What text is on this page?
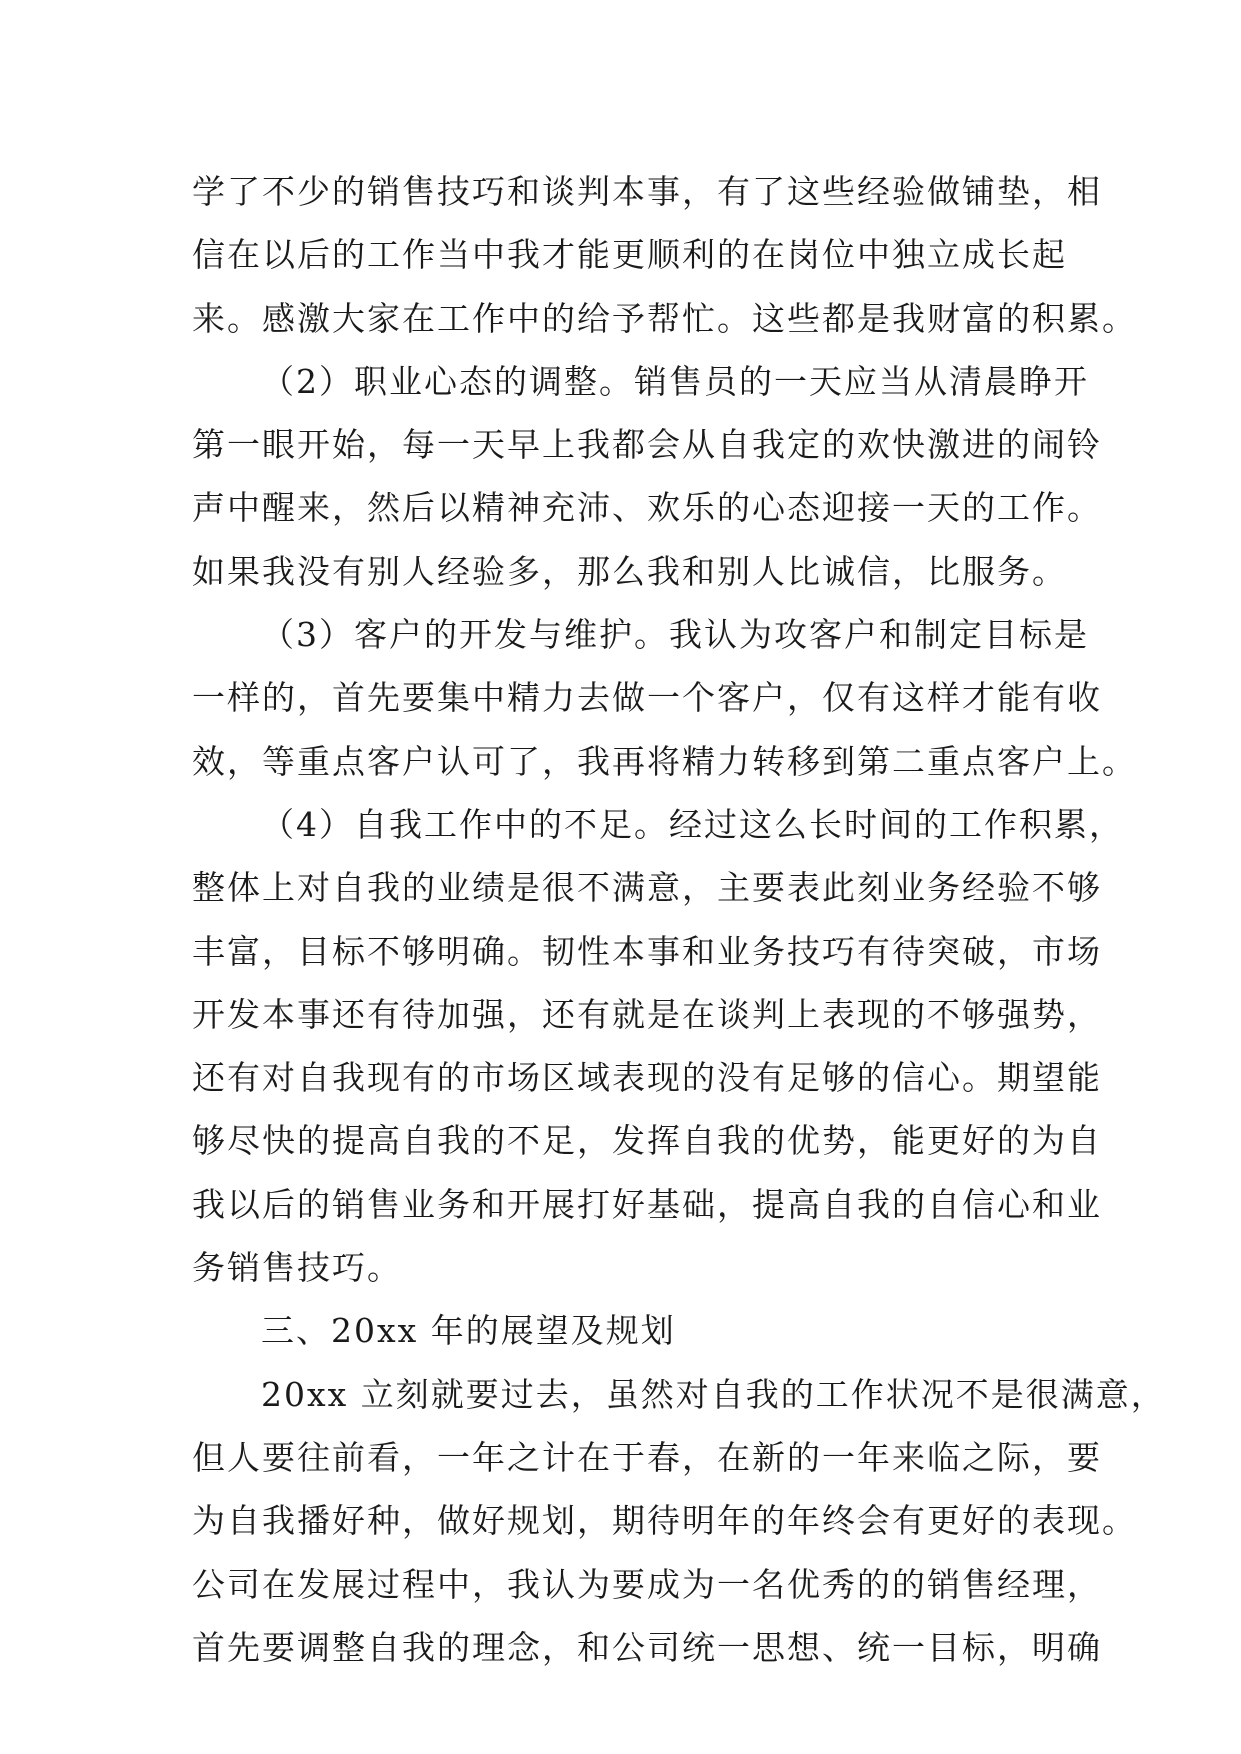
学了不少的销售技巧和谈判本事，有了这些经验做铺垫，相
信在以后的工作当中我才能更顺利的在岗位中独立成长起
来。感激大家在工作中的给予帮忙。这些都是我财富的积累。
（2）职业心态的调整。销售员的一天应当从清晨睁开
第一眼开始，每一天早上我都会从自我定的欢快激进的闹铃
声中醒来，然后以精神充沛、欢乐的心态迎接一天的工作。
如果我没有别人经验多，那么我和别人比诚信，比服务。
（3）客户的开发与维护。我认为攻客户和制定目标是
一样的，首先要集中精力去做一个客户，仅有这样才能有收
效，等重点客户认可了，我再将精力转移到第二重点客户上。
（4）自我工作中的不足。经过这么长时间的工作积累，
整体上对自我的业绩是很不满意，主要表此刻业务经验不够
丰富，目标不够明确。韧性本事和业务技巧有待突破，市场
开发本事还有待加强，还有就是在谈判上表现的不够强势，
还有对自我现有的市场区域表现的没有足够的信心。期望能
够尽快的提高自我的不足，发挥自我的优势，能更好的为自
我以后的销售业务和开展打好基础，提高自我的自信心和业
务销售技巧。
三、20xx 年的展望及规划
20xx 立刻就要过去，虽然对自我的工作状况不是很满意，
但人要往前看，一年之计在于春，在新的一年来临之际，要
为自我播好种，做好规划，期待明年的年终会有更好的表现。
公司在发展过程中，我认为要成为一名优秀的的销售经理，
首先要调整自我的理念，和公司统一思想、统一目标，明确
